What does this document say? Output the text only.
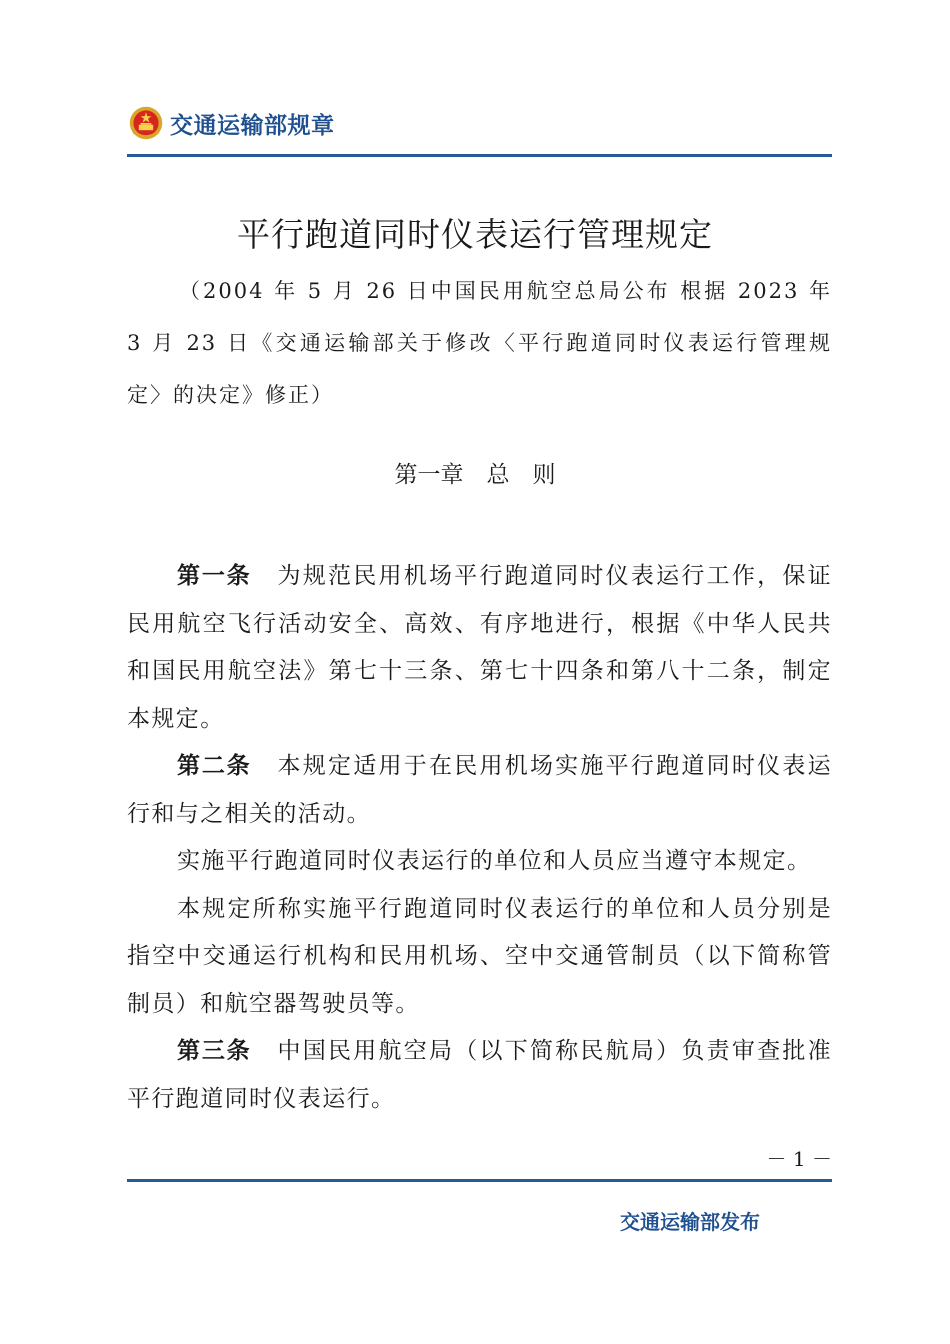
交通运输部规章
平行跑道同时仪表运行管理规定
（2004 年 5 月 26 日中国民用航空总局公布 根据 2023 年 3 月 23 日《交通运输部关于修改〈平行跑道同时仪表运行管理规定〉的决定》修正）
第一章　总　则

第一条 为规范民用机场平行跑道同时仪表运行工作，保证民用航空飞行活动安全、高效、有序地进行，根据《中华人民共和国民用航空法》第七十三条、第七十四条和第八十二条，制定本规定。

第二条 本规定适用于在民用机场实施平行跑道同时仪表运行和与之相关的活动。

实施平行跑道同时仪表运行的单位和人员应当遵守本规定。

本规定所称实施平行跑道同时仪表运行的单位和人员分别是指空中交通运行机构和民用机场、空中交通管制员（以下简称管制员）和航空器驾驶员等。

第三条 中国民用航空局（以下简称民航局）负责审查批准平行跑道同时仪表运行。

－ 1 －
交通运输部发布
